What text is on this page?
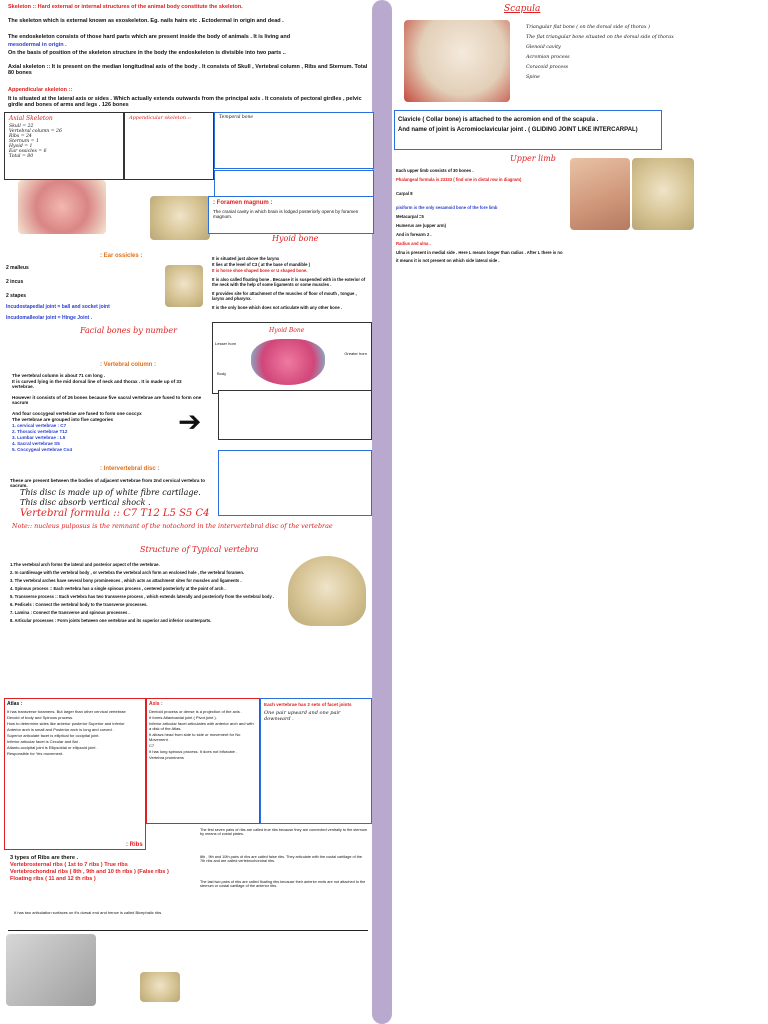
Skeleton :: Hard external or internal structures of the animal body constitute the skeleton.
The skeleton which is external known as exoskeleton. Eg. nails hairs etc . Ectodermal in origin and dead .
The endoskeleton consists of those hard parts which are present inside the body of animals . It is living and
mesodermal in origin .
On the basis of position of the skeleton structure in the body the endoskeleton is divisible into two parts ..
Axial skeleton :: It is present on the median longitudinal axis of the body . It consists of Skull , Vertebral column , Ribs and Sternum. Total 80 bones
Appendicular skeleton ::
It is situated at the lateral axis or sides . Which actually extends outwards from the principal axis . It consists of pectoral girdles , pelvic girdle and bones of arms and legs . 126 bones
Axial Skeleton
Skull = 22
Vertebral column = 26
Ribs = 24
Sternum = 1
Hyoid = 1
Ear ossicles = 6
Total = 80
Appendicular skeleton ::	Temporal bone
: Foramen magnum :
The cranial cavity in which brain is lodged posteriorly opens by foramen magnum.
: Ear ossicles :
2 malleus
2 incus
2 stapes
Incudostapedial joint = ball and socket joint
Incudomalleolar joint = Hinge Joint .
Hyoid bone
It is situated just above the larynx
It lies at the level of C3 ( at the base of mandible )
It is horse shoe shaped bone or U shaped bone.
It is also called floating bone . Because it is suspended with in the exterior of the neck with the help of some ligaments or some muscles .
It provides site for attachment of the muscles of floor of mouth , tongue , larynx and pharynx.
It is the only bone which does not articulate with any other bone .
Facial bones by number	Hyoid Bone
Lesser horn
Greater horn
Body
: Vertebral column :
The vertebral column is about 71 cm long .
It is curved lying in the mid dorsal line of neck and thorax . It is made up of 33 vertebrae.
However it consists of of 26 bones because five sacral vertebrae are fused to form one sacrum
And four coccygeal vertebrae are fused to form one coccyx
The vertebrae are grouped into five categories
1. cervical vertebrae : C7
2. Thoracic vertebrae T12
3. Lumbar vertebrae : L5
4. Sacral vertebrae S5
5. Coccygeal vertebrae Co4
➔
: Intervertebral disc :
These are present between the bodies of adjacent vertebrae from 2nd cervical vertebra to sacrum.
This disc is made up of white fibre cartilage.
This disc absorb vertical shock .
Vertebral formula :: C7 T12 L5 S5 C4
Note:: nucleus pulposus is the remnant of the notochord in the intervertebral disc of the vertebrae
Structure of Typical vertebra
1.The vertebral arch forms the lateral and posterior aspect of the vertebrae.
2. In cantilevage with the vertebral body , or vertebra the vertebral arch form an enclosed hole , the vertebral foramen.
3. The vertebral arches have several bony prominences , which acts as attachment sites for muscles and ligaments .
4. Spinous process :: Each vertebra has a single spinous process , centered posteriorly at the point of arch .
5. Transverse process :: Each vertebra has two transverse process , which extends laterally and posteriorly from the vertebral body .
6. Pedicels : Connect the vertebral body to the transverse processes.
7. Lamina : Connect the transverse and spinous processes .
8. Articular processes : Form joints between one vertebrae and its superior and inferior counterparts.
Atlas :
It has transverse foramens. But larger than other cervical vertebrae
Devoid of body and Spinous process.
How to determine sides like anterior posterior Superior and inferior
Anterior arch is small and Posterior arch is long and curved .
Superior articulate facet is elliptical for occipital joint.
Inferior articular facet is Circular and flat .
Atlanto-occipital joint is Ellipsoidal or ellipsoid joint .
Responsible for Yes movement.
Axis :
Dentoid process or dense is a projection of the axis .
It forms Atlantoaxial joint ( Pivot joint ).
Inferior articular facet articulates with anterior arch and with a disk of the Atlas.
It allows head from side to side or movement for No Movement .
C7
It has long spinous process. It does not bifurcate .
Vertebra prominens
Each vertebrae has 2 sets of facet joints
One pair upward and one pair downward .
: Ribs :
3 types of Ribs are there .
Vertebrosternal ribs ( 1st to 7 ribs ) True ribs
Vertebrochondral ribs ( 8th , 9th and 10 th ribs ) (False ribs )
Floating ribs ( 11 and 12 th ribs )
It has two articulation surfaces on it's dorsal end and hence is called Bicephalic ribs
The first seven pairs of ribs are called true ribs because they are connected ventrally to the sternum by means of costal plates.
8th , 9th and 10th pairs of ribs are called false ribs. They articulate with the costal cartilage of the 7th ribs and are called vertebrochondral ribs.
The last two pairs of ribs are called floating ribs because their anterior ends are not attached to the sternum or costal cartilage of the anterior ribs.
Scapula
Triangular flat bone ( on the dorsal side of thorax )
The flat triangular bone situated on the dorsal side of thorax
Glenoid cavity
Acromion process
Coracoid process
Spine
Clavicle ( Collar bone) is attached to the acromion end of the scapula .
And name of joint is Acromioclavicular joint . ( GLIDING JOINT LIKE INTERCARPAL)
Upper limb
Each upper limb consists of 30 bones .
Phalangeal formula is 23333 ( find one in distal row in diagram)
Carpal 8
pisiform is the only sesamoid bone of the fore limb
Metacarpal =5
Humerus are (upper arm)
And in forearm 2 .
Radius and ulna .
Ulna is present in medial side . Here L means longer than radius . After L there is no it means it is not present on which side lateral side .
